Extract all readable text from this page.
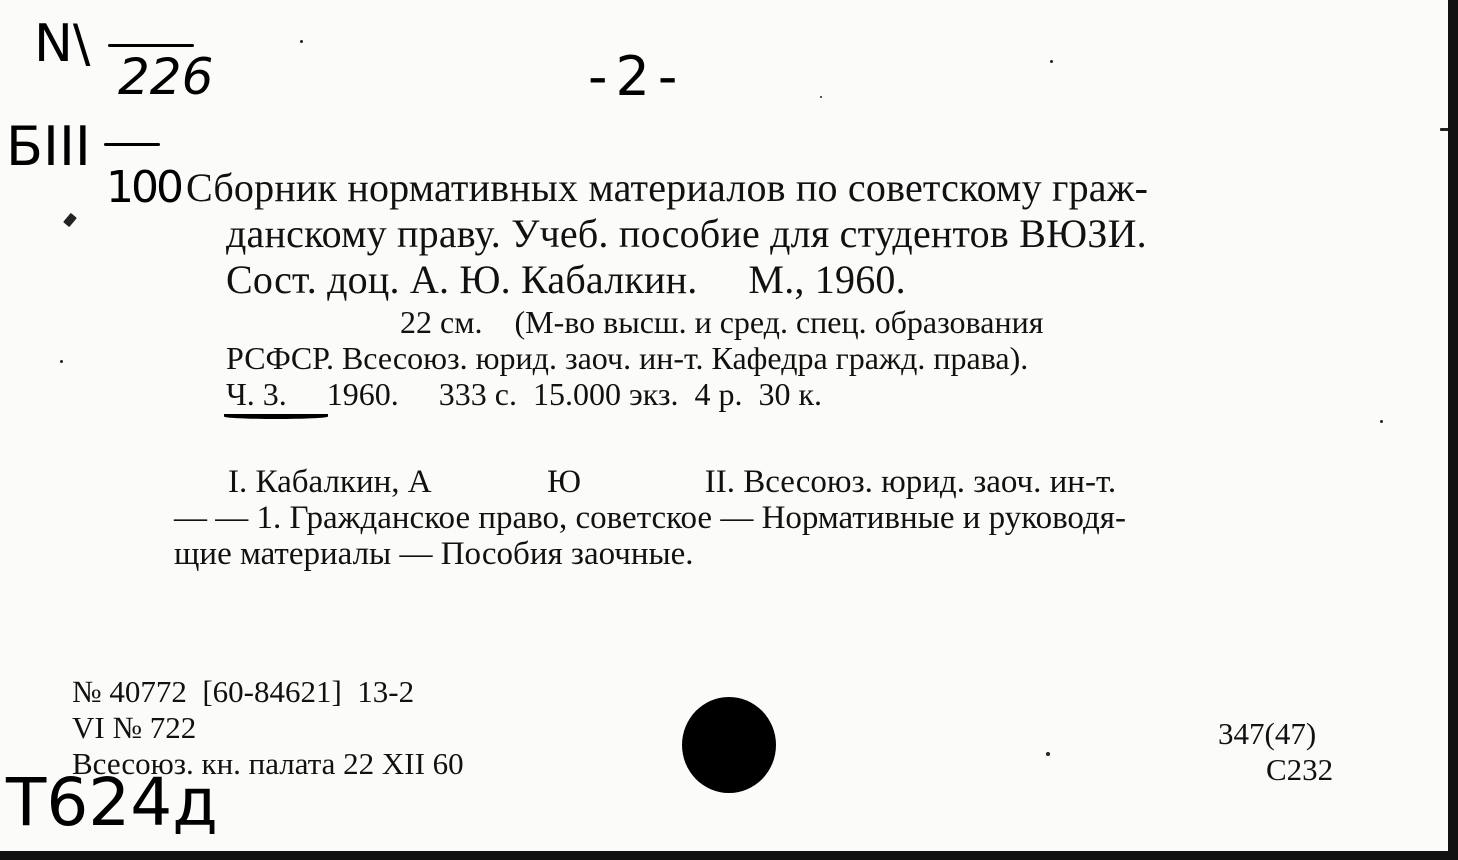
N\
226	-2-
БIII
100
Т624д
Сборник нормативных материалов по советскому граж-
данскому праву. Учеб. пособие для студентов ВЮЗИ.
Сост. доц. А. Ю. Кабалкин.     М., 1960.
22 см.    (М-во высш. и сред. спец. образования
РСФСР. Всесоюз. юрид. заоч. ин-т. Кафедра гражд. права).
Ч. 3.     1960.     333 с.  15.000 экз.  4 р.  30 к.
I. Кабалкин, А              Ю               II. Всесоюз. юрид. заоч. ин-т.
— — 1. Гражданское право, советское — Нормативные и руководя-
щие материалы — Пособия заочные.
№ 40772  [60-84621]  13-2
VI № 722
Всесоюз. кн. палата 22 XII 60
347(47)
С232
